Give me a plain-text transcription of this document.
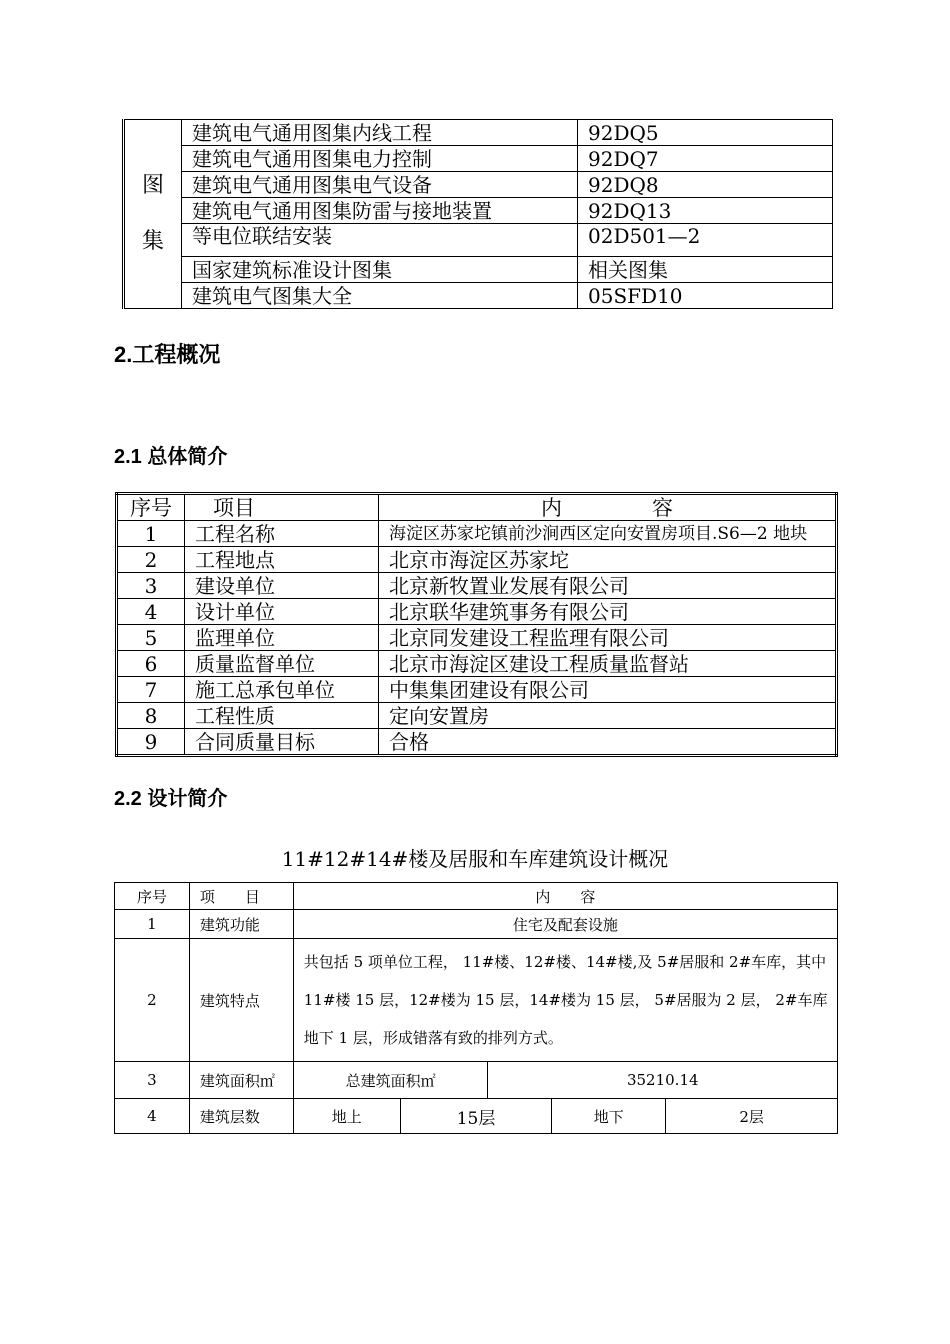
图
集	建筑电气通用图集内线工程	92DQ5
	建筑电气通用图集电力控制	92DQ7
	建筑电气通用图集电气设备	92DQ8
	建筑电气通用图集防雷与接地装置	92DQ13
	等电位联结安装	02D501—2
	国家建筑标准设计图集	相关图集
	建筑电气图集大全	05SFD10
2.工程概况
2.1 总体简介
序号	项目	内 容
1	工程名称	海淀区苏家坨镇前沙涧西区定向安置房项目.S6—2 地块
2	工程地点	北京市海淀区苏家坨
3	建设单位	北京新牧置业发展有限公司
4	设计单位	北京联华建筑事务有限公司
5	监理单位	北京同发建设工程监理有限公司
6	质量监督单位	北京市海淀区建设工程质量监督站
7	施工总承包单位	中集集团建设有限公司
8	工程性质	定向安置房
9	合同质量目标	合格
2.2 设计简介
11#12#14#楼及居服和车库建筑设计概况
序号	项　　目	内　　容				
1	建筑功能	住宅及配套设施				
2	建筑特点	共包括 5 项单位工程， 11#楼、12#楼、14#楼,及 5#居服和 2#车库，其中 11#楼 15 层，12#楼为 15 层，14#楼为 15 层， 5#居服为 2 层， 2#车库地下 1 层，形成错落有致的排列方式。				
3	建筑面积㎡	总建筑面积㎡		35210.14		
4	建筑层数	地上	15层		地下	2层
